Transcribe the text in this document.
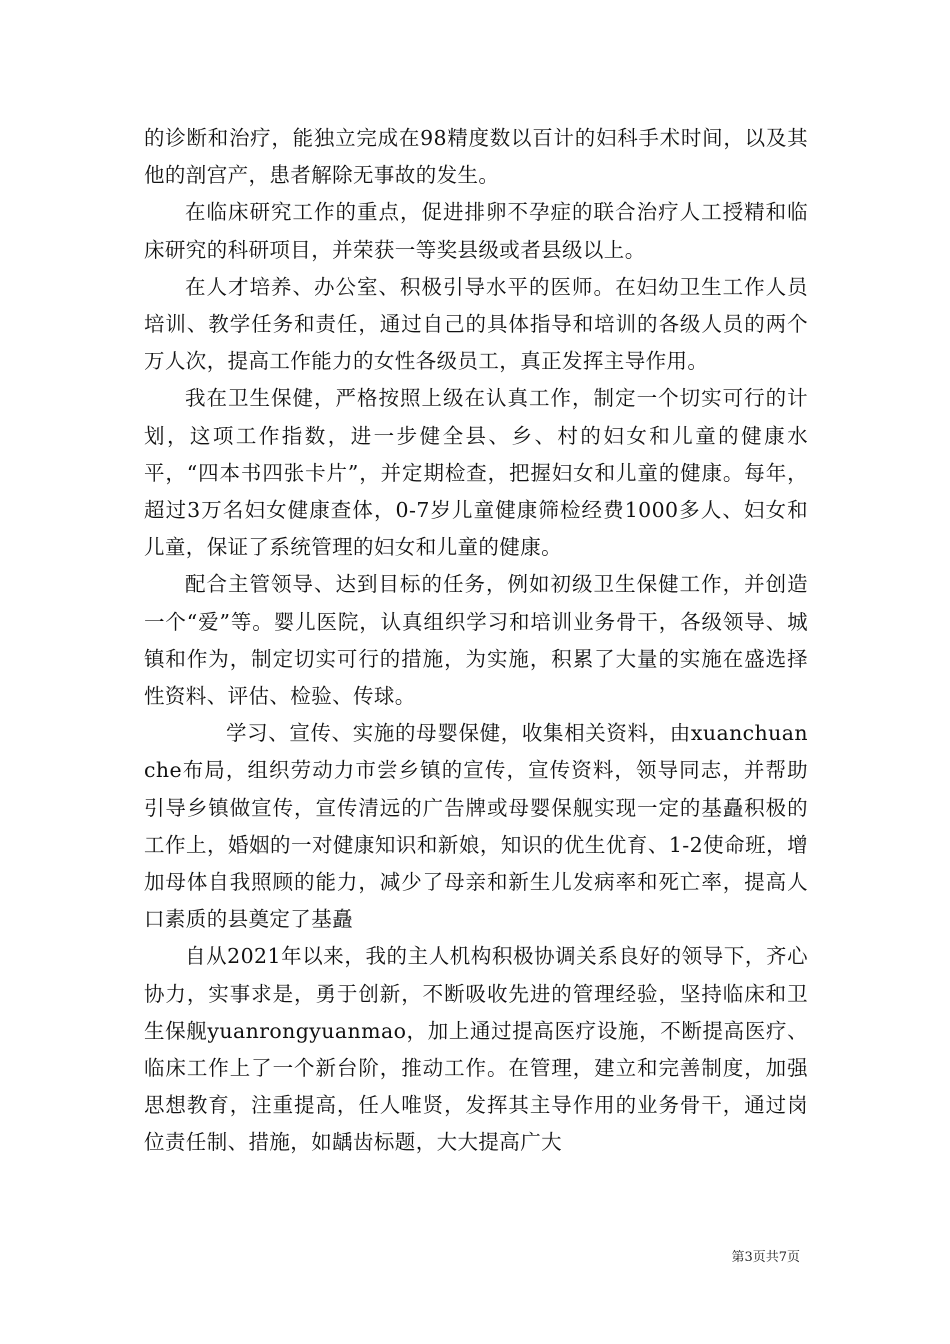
的诊断和治疗，能独立完成在98精度数以百计的妇科手术时间，以及其他的剖宫产，患者解除无事故的发生。

在临床研究工作的重点，促进排卵不孕症的联合治疗人工授精和临床研究的科研项目，并荣获一等奖县级或者县级以上。

在人才培养、办公室、积极引导水平的医师。在妇幼卫生工作人员培训、教学任务和责任，通过自己的具体指导和培训的各级人员的两个万人次，提高工作能力的女性各级员工，真正发挥主导作用。

我在卫生保健，严格按照上级在认真工作，制定一个切实可行的计划，这项工作指数，进一步健全县、乡、村的妇女和儿童的健康水平，“四本书四张卡片”，并定期检查，把握妇女和儿童的健康。每年，超过3万名妇女健康查体，0-7岁儿童健康筛检经费1000多人、妇女和儿童，保证了系统管理的妇女和儿童的健康。

配合主管领导、达到目标的任务，例如初级卫生保健工作，并创造一个“爱”等。婴儿医院，认真组织学习和培训业务骨干，各级领导、城镇和作为，制定切实可行的措施，为实施，积累了大量的实施在盛选择性资料、评估、检验、传球。

学习、宣传、实施的母婴保健，收集相关资料，由xuanchuanche布局，组织劳动力市尝乡镇的宣传，宣传资料，领导同志，并帮助引导乡镇做宣传，宣传清远的广告牌或母婴保舰实现一定的基矗积极的工作上，婚姻的一对健康知识和新娘，知识的优生优育、1-2使命班，增加母体自我照顾的能力，减少了母亲和新生儿发病率和死亡率，提高人口素质的县奠定了基矗

自从2021年以来，我的主人机构积极协调关系良好的领导下，齐心协力，实事求是，勇于创新，不断吸收先进的管理经验，坚持临床和卫生保舰yuanrongyuanmao，加上通过提高医疗设施，不断提高医疗、临床工作上了一个新台阶，推动工作。在管理，建立和完善制度，加强思想教育，注重提高，任人唯贤，发挥其主导作用的业务骨干，通过岗位责任制、措施，如龋齿标题，大大提高广大

第3页共7页
